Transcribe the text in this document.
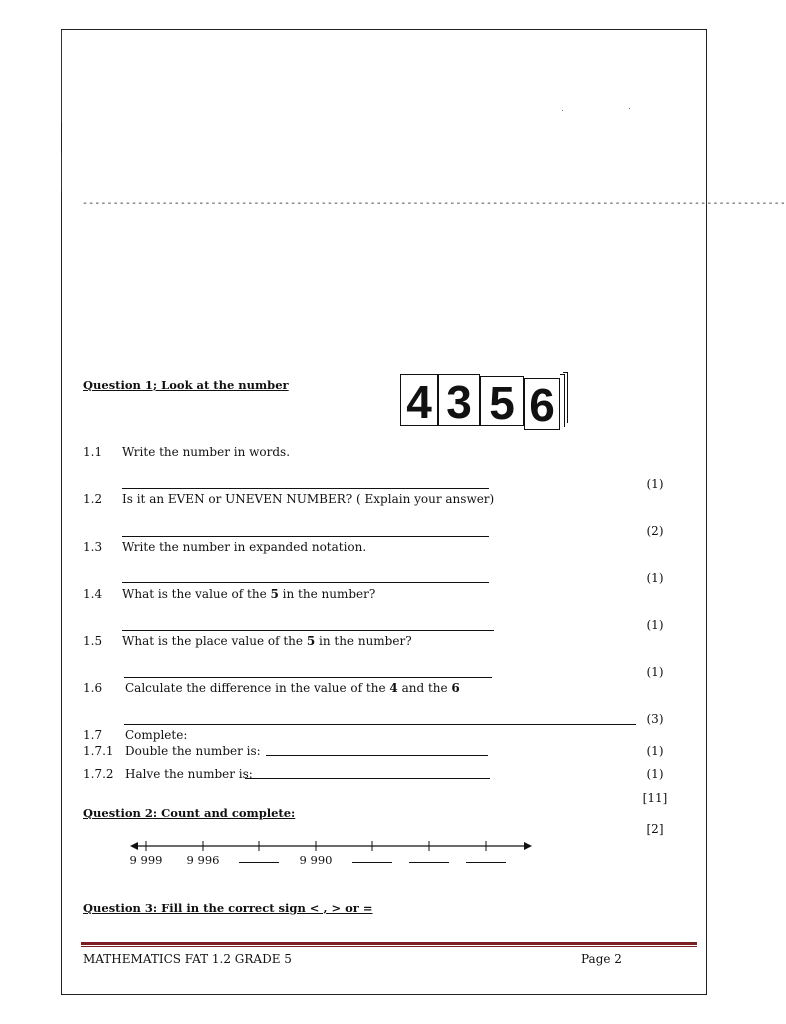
-------------------------------------------------------------------------------------------------------------------
Question 1; Look at the number	4 3 5 6
1.1 Write the number in words.
(1)
1.2 Is it an EVEN or UNEVEN NUMBER? ( Explain your answer)
(2)
1.3 Write the number in expanded notation.
(1)
1.4 What is the value of the 5 in the number?
(1)
1.5 What is the place value of the 5 in the number?
(1)
1.6 Calculate the difference in the value of the 4 and the 6
(3)
1.7 Complete:
1.7.1 Double the number is:	(1)
1.7.2 Halve the number is:	(1)
[11]
Question 2: Count and complete:
[2]
9 999 9 996	9 990
Question 3: Fill in the correct sign < , > or =
MATHEMATICS FAT 1.2 GRADE 5	Page 2
